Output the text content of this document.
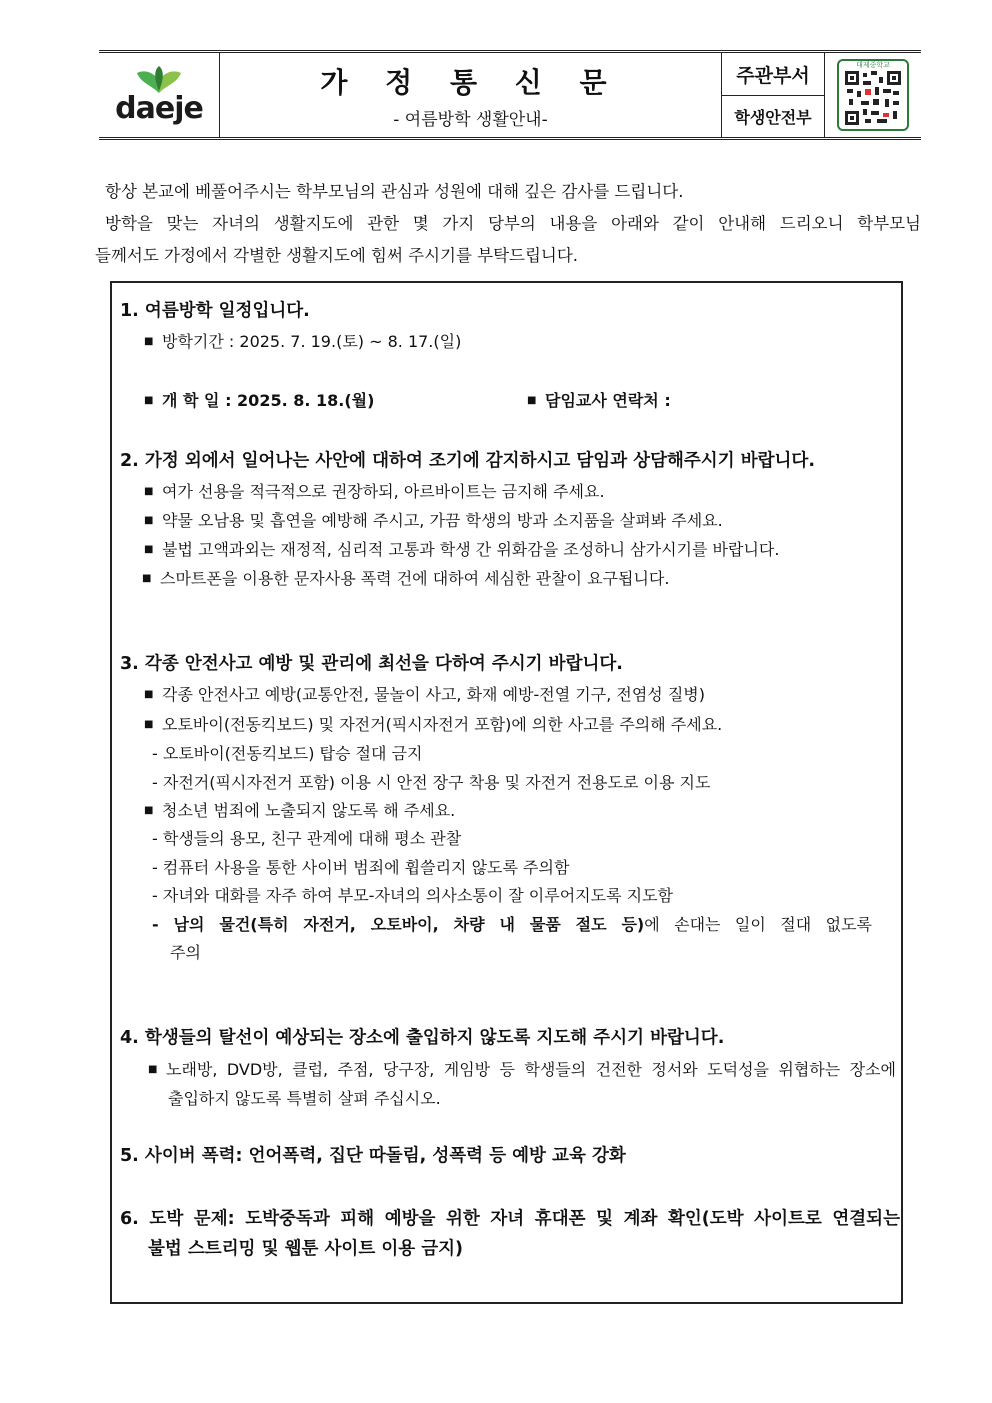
daeje

가 정 통 신 문
- 여름방학 생활안내-

주관부서
학생안전부

대제중학교

항상 본교에 베풀어주시는 학부모님의 관심과 성원에 대해 깊은 감사를 드립니다.

방학을 맞는 자녀의 생활지도에 관한 몇 가지 당부의 내용을 아래와 같이 안내해 드리오니 학부모님

들께서도 가정에서 각별한 생활지도에 힘써 주시기를 부탁드립니다.

1. 여름방학 일정입니다.
■ 방학기간 : 2025. 7. 19.(토) ~ 8. 17.(일)
■ 개 학 일 : 2025. 8. 18.(월)
■	담임교사 연락처 :
2. 가정 외에서 일어나는 사안에 대하여 조기에 감지하시고 담임과 상담해주시기 바랍니다.
■ 여가 선용을 적극적으로 권장하되, 아르바이트는 금지해 주세요.
■ 약물 오남용 및 흡연을 예방해 주시고, 가끔 학생의 방과 소지품을 살펴봐 주세요.
■ 불법 고액과외는 재정적, 심리적 고통과 학생 간 위화감을 조성하니 삼가시기를 바랍니다.
■ 스마트폰을 이용한 문자사용 폭력 건에 대하여 세심한 관찰이 요구됩니다.
3. 각종 안전사고 예방 및 관리에 최선을 다하여 주시기 바랍니다.
■ 각종 안전사고 예방(교통안전, 물놀이 사고, 화재 예방-전열 기구, 전염성 질병)
■ 오토바이(전동킥보드) 및 자전거(픽시자전거 포함)에 의한 사고를 주의해 주세요.
- 오토바이(전동킥보드) 탑승 절대 금지
- 자전거(픽시자전거 포함) 이용 시 안전 장구 착용 및 자전거 전용도로 이용 지도
■ 청소년 범죄에 노출되지 않도록 해 주세요.
- 학생들의 용모, 친구 관계에 대해 평소 관찰
- 컴퓨터 사용을 통한 사이버 범죄에 휩쓸리지 않도록 주의함
- 자녀와 대화를 자주 하여 부모-자녀의 의사소통이 잘 이루어지도록 지도함
- 남의 물건(특히 자전거, 오토바이, 차량 내 물품 절도 등)에 손대는 일이 절대 없도록
주의
4. 학생들의 탈선이 예상되는 장소에 출입하지 않도록 지도해 주시기 바랍니다.
■ 노래방, DVD방, 클럽, 주점, 당구장, 게임방 등 학생들의 건전한 정서와 도덕성을 위협하는 장소에
출입하지 않도록 특별히 살펴 주십시오.
5. 사이버 폭력: 언어폭력, 집단 따돌림, 성폭력 등 예방 교육 강화
6. 도박 문제: 도박중독과 피해 예방을 위한 자녀 휴대폰 및 계좌 확인(도박 사이트로 연결되는
불법 스트리밍 및 웹툰 사이트 이용 금지)
